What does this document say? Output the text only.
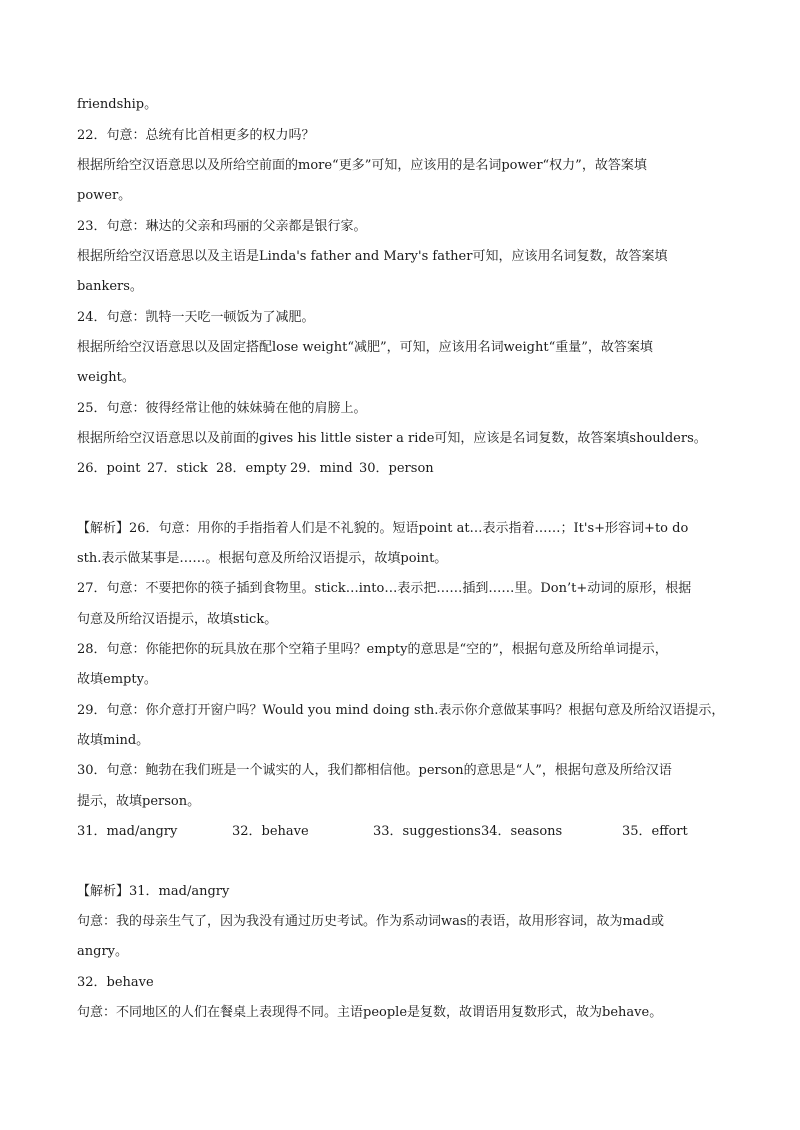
friendship。
22．句意：总统有比首相更多的权力吗？
根据所给空汉语意思以及所给空前面的more“更多”可知，应该用的是名词power“权力”，故答案填
power。
23．句意：琳达的父亲和玛丽的父亲都是银行家。
根据所给空汉语意思以及主语是Linda's father and Mary's father可知，应该用名词复数，故答案填
bankers。
24．句意：凯特一天吃一顿饭为了减肥。
根据所给空汉语意思以及固定搭配lose weight“减肥”，可知，应该用名词weight“重量”，故答案填
weight。
25．句意：彼得经常让他的妹妹骑在他的肩膀上。
根据所给空汉语意思以及前面的gives his little sister a ride可知，应该是名词复数，故答案填shoulders。
26．point 27．stick 28．empty 29．mind 30．person
【解析】26．句意：用你的手指指着人们是不礼貌的。短语point at…表示指着……；It's+形容词+to do
sth.表示做某事是……。根据句意及所给汉语提示，故填point。
27．句意：不要把你的筷子插到食物里。stick…into…表示把……插到……里。Don’t+动词的原形，根据
句意及所给汉语提示，故填stick。
28．句意：你能把你的玩具放在那个空箱子里吗？empty的意思是“空的”，根据句意及所给单词提示，
故填empty。
29．句意：你介意打开窗户吗？Would you mind doing sth.表示你介意做某事吗？根据句意及所给汉语提示，
故填mind。
30．句意：鲍勃在我们班是一个诚实的人，我们都相信他。person的意思是“人”，根据句意及所给汉语
提示，故填person。
31．mad/angry	32．behave	33．suggestions 34．seasons	35．effort
【解析】31．mad/angry
句意：我的母亲生气了，因为我没有通过历史考试。作为系动词was的表语，故用形容词，故为mad或
angry。
32．behave
句意：不同地区的人们在餐桌上表现得不同。主语people是复数，故谓语用复数形式，故为behave。
